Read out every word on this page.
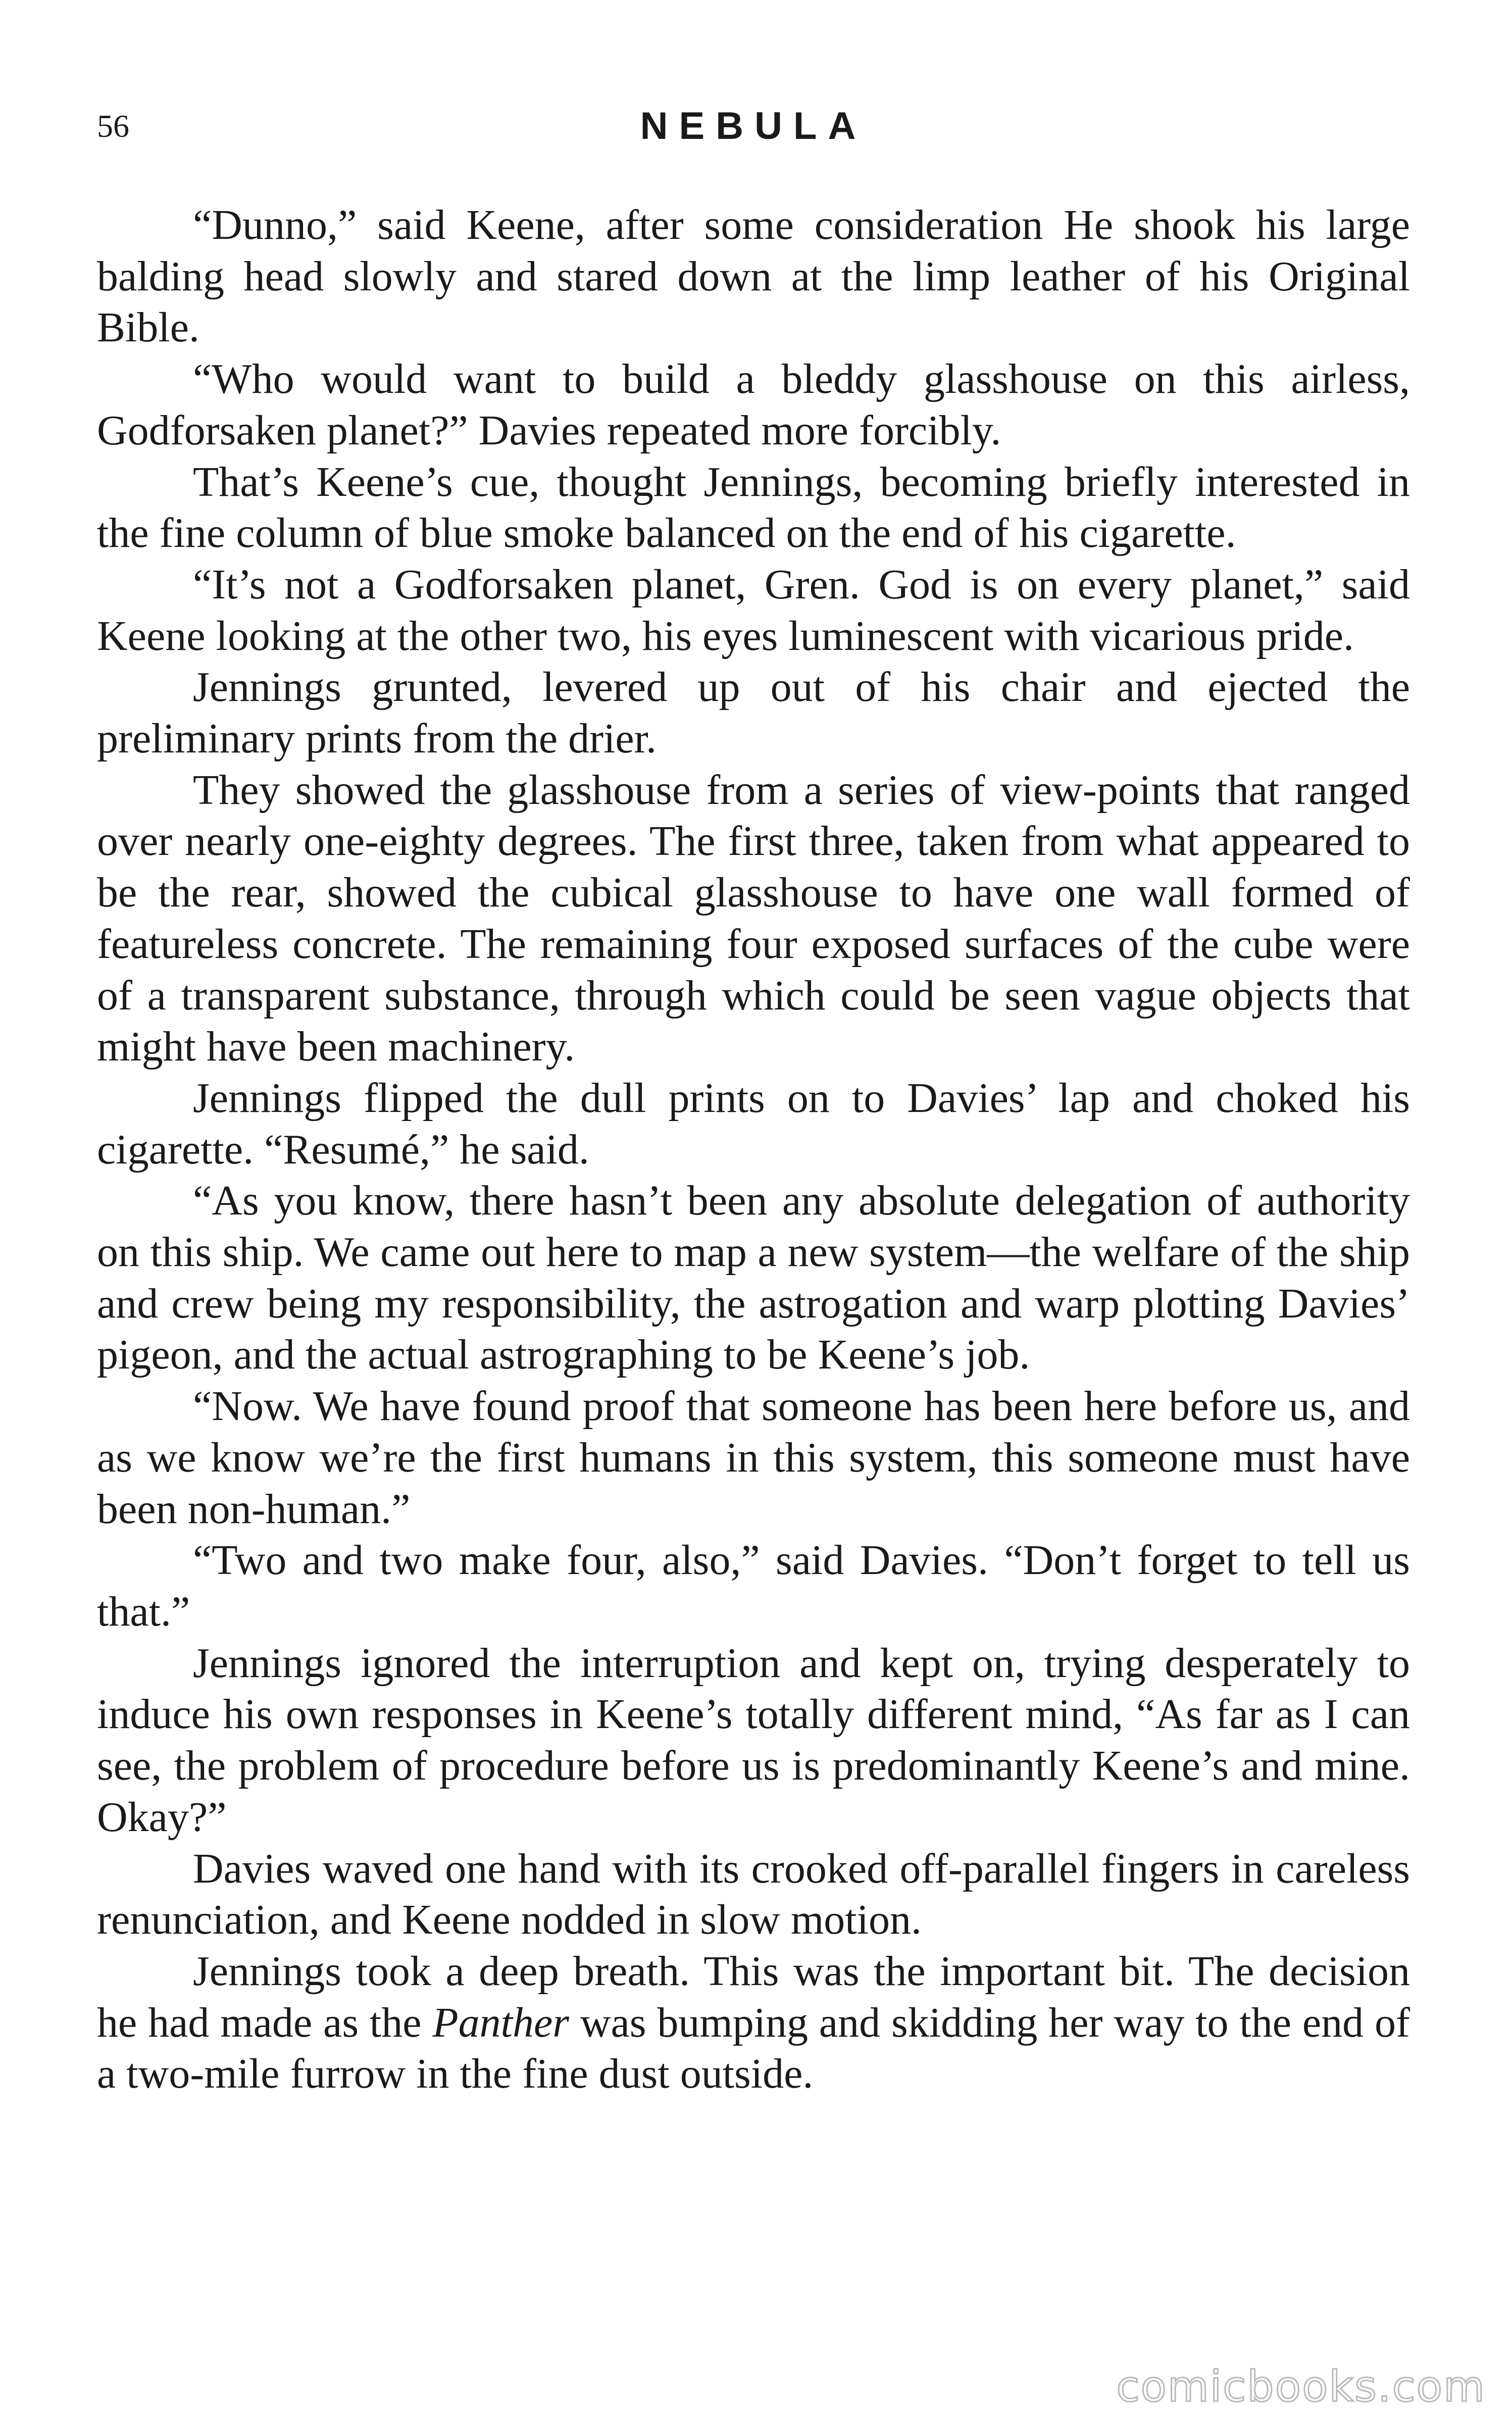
56	NEBULA

“Dunno,” said Keene, after some consideration He shook his large balding head slowly and stared down at the limp leather of his Original Bible.

“Who would want to build a bleddy glasshouse on this airless, Godforsaken planet?” Davies repeated more forcibly.

That’s Keene’s cue, thought Jennings, becoming briefly interested in the fine column of blue smoke balanced on the end of his cigarette.

“It’s not a Godforsaken planet, Gren. God is on every planet,” said Keene looking at the other two, his eyes luminescent with vicarious pride.

Jennings grunted, levered up out of his chair and ejected the preliminary prints from the drier.

They showed the glasshouse from a series of view-points that ranged over nearly one-eighty degrees. The first three, taken from what appeared to be the rear, showed the cubical glasshouse to have one wall formed of featureless concrete. The remaining four exposed surfaces of the cube were of a transparent substance, through which could be seen vague objects that might have been machinery.

Jennings flipped the dull prints on to Davies’ lap and choked his cigarette. “Resumé,” he said.

“As you know, there hasn’t been any absolute delegation of authority on this ship. We came out here to map a new system—the welfare of the ship and crew being my responsibility, the astrogation and warp plotting Davies’ pigeon, and the actual astrographing to be Keene’s job.

“Now. We have found proof that someone has been here before us, and as we know we’re the first humans in this system, this someone must have been non-human.”

“Two and two make four, also,” said Davies. “Don’t forget to tell us that.”

Jennings ignored the interruption and kept on, trying desperately to induce his own responses in Keene’s totally different mind, “As far as I can see, the problem of procedure before us is predominantly Keene’s and mine. Okay?”

Davies waved one hand with its crooked off-parallel fingers in careless renunciation, and Keene nodded in slow motion.

Jennings took a deep breath. This was the important bit. The decision he had made as the Panther was bumping and skidding her way to the end of a two-mile furrow in the fine dust outside.

comicbooks.com
